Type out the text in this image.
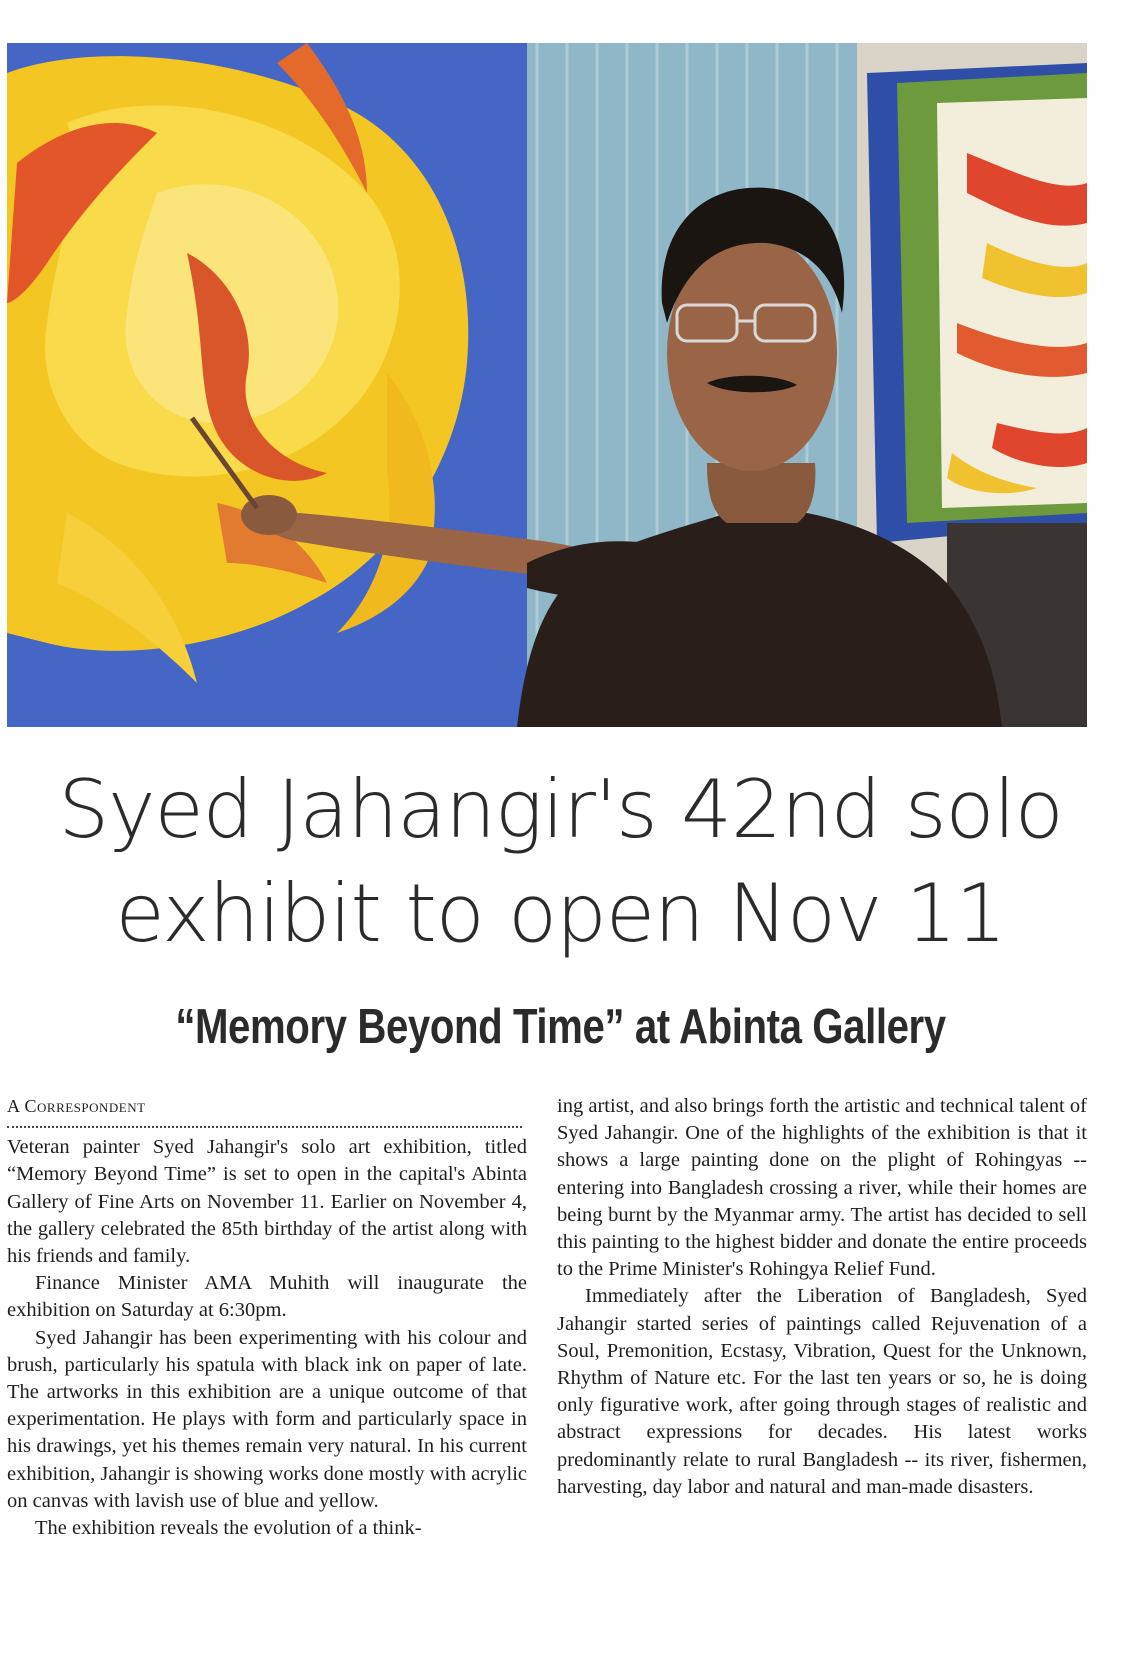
Syed Jahangir's 42nd solo
exhibit to open Nov 11
“Memory Beyond Time” at Abinta Gallery
A Correspondent

Veteran painter Syed Jahangir's solo art exhibition, titled “Memory Beyond Time” is set to open in the capital's Abinta Gallery of Fine Arts on November 11. Earlier on November 4, the gallery celebrated the 85th birthday of the artist along with his friends and family.

Finance Minister AMA Muhith will inaugurate the exhibition on Saturday at 6:30pm.

Syed Jahangir has been experimenting with his colour and brush, particularly his spatula with black ink on paper of late. The artworks in this exhibition are a unique outcome of that experimentation. He plays with form and particularly space in his drawings, yet his themes remain very natural. In his current exhibition, Jahangir is showing works done mostly with acrylic on canvas with lavish use of blue and yellow.

The exhibition reveals the evolution of a think-

ing artist, and also brings forth the artistic and technical talent of Syed Jahangir. One of the highlights of the exhibition is that it shows a large painting done on the plight of Rohingyas -- entering into Bangladesh crossing a river, while their homes are being burnt by the Myanmar army. The artist has decided to sell this painting to the highest bidder and donate the entire proceeds to the Prime Minister's Rohingya Relief Fund.

Immediately after the Liberation of Bangladesh, Syed Jahangir started series of paintings called Rejuvenation of a Soul, Premonition, Ecstasy, Vibration, Quest for the Unknown, Rhythm of Nature etc. For the last ten years or so, he is doing only figurative work, after going through stages of realistic and abstract expressions for decades. His latest works predominantly relate to rural Bangladesh -- its river, fishermen, harvesting, day labor and natural and man-made disasters.
